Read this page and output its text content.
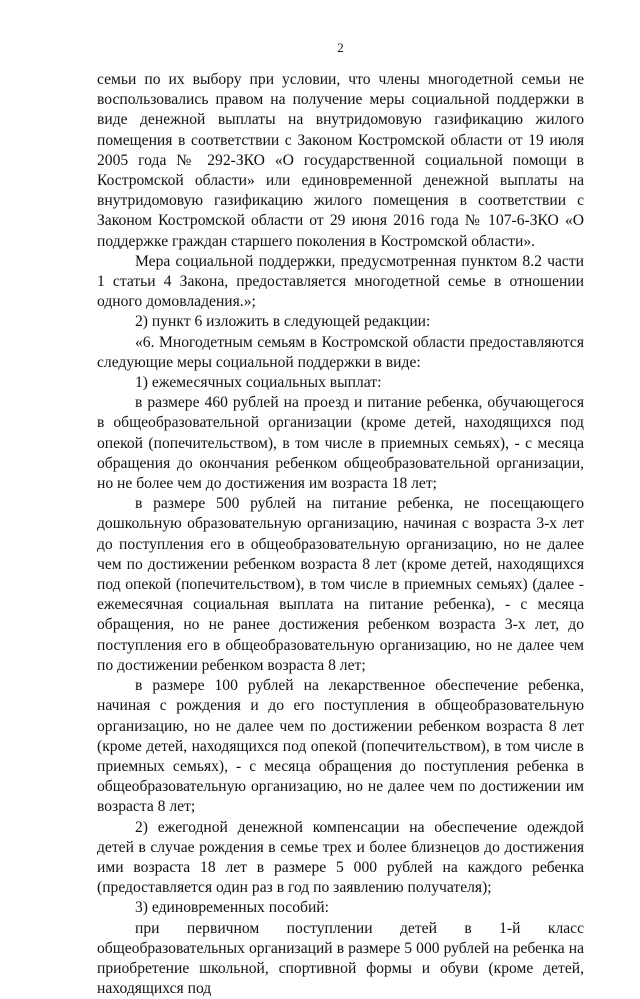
2

семьи по их выбору при условии, что члены многодетной семьи не воспользовались правом на получение меры социальной поддержки в виде денежной выплаты на внутридомовую газификацию жилого помещения в соответствии с Законом Костромской области от 19 июля 2005 года № 292-ЗКО «О государственной социальной помощи в Костромской области» или единовременной денежной выплаты на внутридомовую газификацию жилого помещения в соответствии с Законом Костромской области от 29 июня 2016 года № 107-6-ЗКО «О поддержке граждан старшего поколения в Костромской области».

Мера социальной поддержки, предусмотренная пунктом 8.2 части 1 статьи 4 Закона, предоставляется многодетной семье в отношении одного домовладения.»;

2) пункт 6 изложить в следующей редакции:

«6. Многодетным семьям в Костромской области предоставляются следующие меры социальной поддержки в виде:

1) ежемесячных социальных выплат:

в размере 460 рублей на проезд и питание ребенка, обучающегося в общеобразовательной организации (кроме детей, находящихся под опекой (попечительством), в том числе в приемных семьях), - с месяца обращения до окончания ребенком общеобразовательной организации, но не более чем до достижения им возраста 18 лет;

в размере 500 рублей на питание ребенка, не посещающего дошкольную образовательную организацию, начиная с возраста 3-х лет до поступления его в общеобразовательную организацию, но не далее чем по достижении ребенком возраста 8 лет (кроме детей, находящихся под опекой (попечительством), в том числе в приемных семьях) (далее - ежемесячная социальная выплата на питание ребенка), - с месяца обращения, но не ранее достижения ребенком возраста 3-х лет, до поступления его в общеобразовательную организацию, но не далее чем по достижении ребенком возраста 8 лет;

в размере 100 рублей на лекарственное обеспечение ребенка, начиная с рождения и до его поступления в общеобразовательную организацию, но не далее чем по достижении ребенком возраста 8 лет (кроме детей, находящихся под опекой (попечительством), в том числе в приемных семьях), - с месяца обращения до поступления ребенка в общеобразовательную организацию, но не далее чем по достижении им возраста 8 лет;

2) ежегодной денежной компенсации на обеспечение одеждой детей в случае рождения в семье трех и более близнецов до достижения ими возраста 18 лет в размере 5 000 рублей на каждого ребенка (предоставляется один раз в год по заявлению получателя);

3) единовременных пособий:

при первичном поступлении детей в 1-й класс общеобразовательных организаций в размере 5 000 рублей на ребенка на приобретение школьной, спортивной формы и обуви (кроме детей, находящихся под
